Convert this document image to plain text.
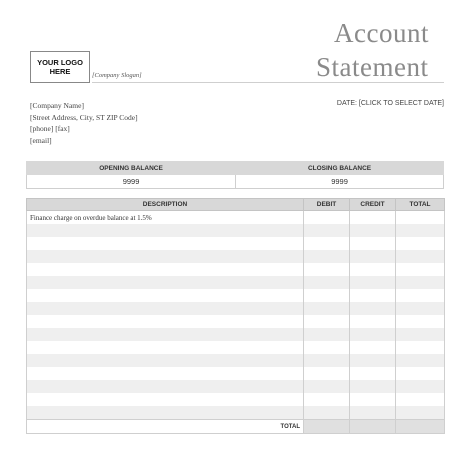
YOUR LOGO HERE	[Company Slogan]
Account
Statement
[Company Name]
[Street Address, City, ST ZIP Code]
[phone] [fax]
[email]
DATE: [CLICK TO SELECT DATE]
OPENING BALANCE	CLOSING BALANCE
9999	9999
DESCRIPTION	DEBIT	CREDIT	TOTAL
Finance charge on overdue balance at 1.5%			

TOTAL			
